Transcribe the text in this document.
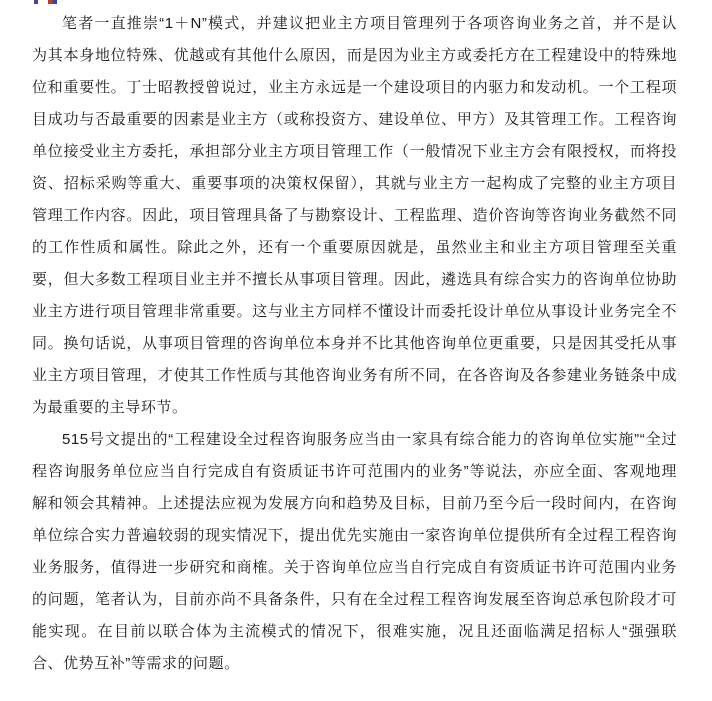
笔者一直推崇“1＋N”模式，并建议把业主方项目管理列于各项咨询业务之首，并不是认
为其本身地位特殊、优越或有其他什么原因，而是因为业主方或委托方在工程建设中的特殊地
位和重要性。丁士昭教授曾说过，业主方永远是一个建设项目的内驱力和发动机。一个工程项
目成功与否最重要的因素是业主方（或称投资方、建设单位、甲方）及其管理工作。工程咨询
单位接受业主方委托，承担部分业主方项目管理工作（一般情况下业主方会有限授权，而将投
资、招标采购等重大、重要事项的决策权保留），其就与业主方一起构成了完整的业主方项目
管理工作内容。因此，项目管理具备了与勘察设计、工程监理、造价咨询等咨询业务截然不同
的工作性质和属性。除此之外，还有一个重要原因就是，虽然业主和业主方项目管理至关重
要，但大多数工程项目业主并不擅长从事项目管理。因此，遴选具有综合实力的咨询单位协助
业主方进行项目管理非常重要。这与业主方同样不懂设计而委托设计单位从事设计业务完全不
同。换句话说，从事项目管理的咨询单位本身并不比其他咨询单位更重要，只是因其受托从事
业主方项目管理，才使其工作性质与其他咨询业务有所不同，在各咨询及各参建业务链条中成
为最重要的主导环节。
515号文提出的“工程建设全过程咨询服务应当由一家具有综合能力的咨询单位实施”“全过
程咨询服务单位应当自行完成自有资质证书许可范围内的业务”等说法，亦应全面、客观地理
解和领会其精神。上述提法应视为发展方向和趋势及目标，目前乃至今后一段时间内，在咨询
单位综合实力普遍较弱的现实情况下，提出优先实施由一家咨询单位提供所有全过程工程咨询
业务服务，值得进一步研究和商榷。关于咨询单位应当自行完成自有资质证书许可范围内业务
的问题，笔者认为，目前亦尚不具备条件，只有在全过程工程咨询发展至咨询总承包阶段才可
能实现。在目前以联合体为主流模式的情况下，很难实施，况且还面临满足招标人“强强联
合、优势互补”等需求的问题。
